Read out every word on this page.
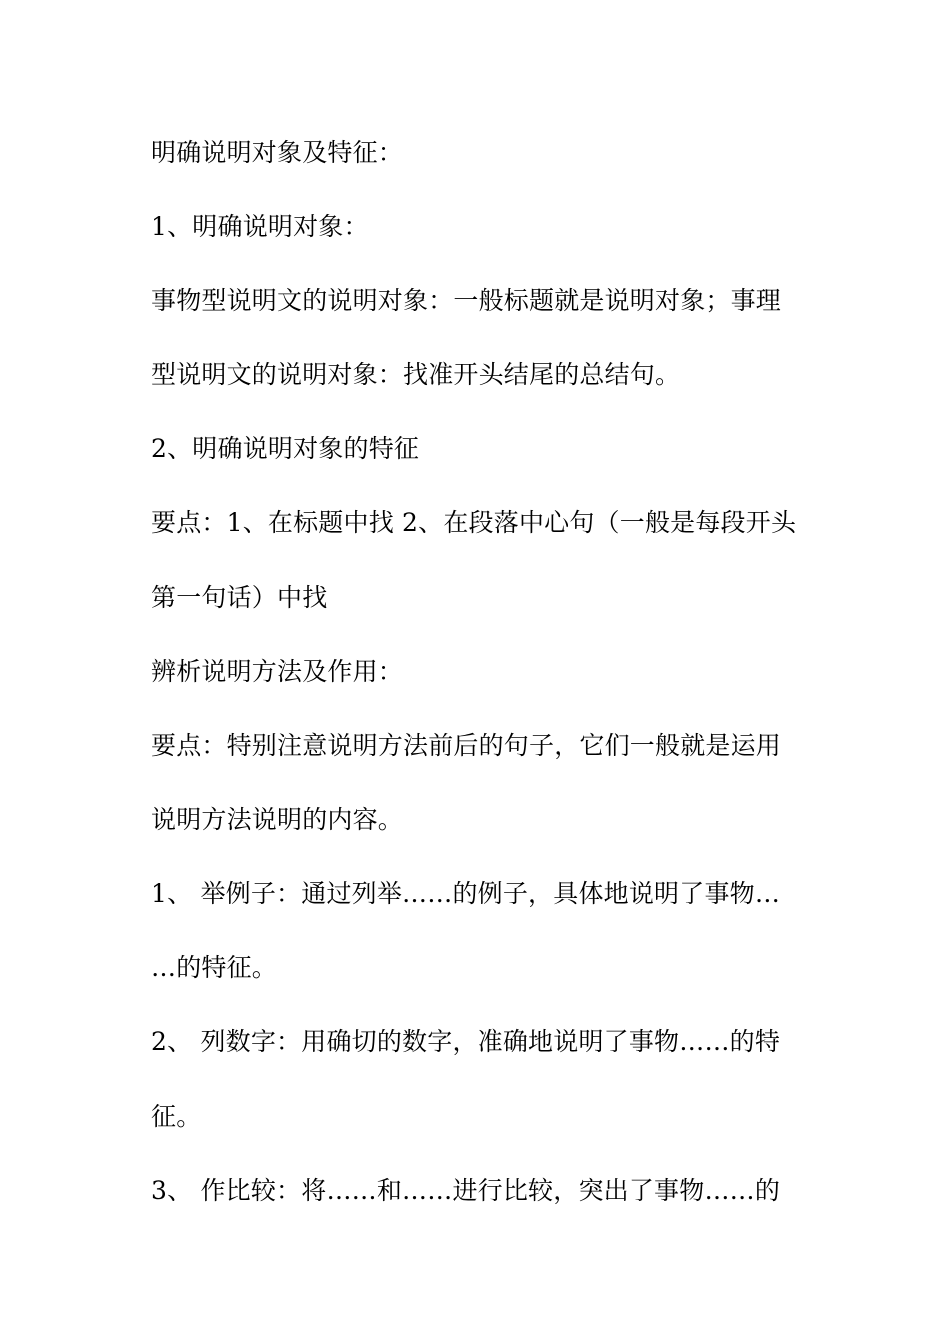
明确说明对象及特征：
1、明确说明对象：
事物型说明文的说明对象：一般标题就是说明对象；事理
型说明文的说明对象：找准开头结尾的总结句。
2、明确说明对象的特征
要点：1、在标题中找 2、在段落中心句（一般是每段开头
第一句话）中找
辨析说明方法及作用：
要点：特别注意说明方法前后的句子，它们一般就是运用
说明方法说明的内容。
1、 举例子：通过列举……的例子，具体地说明了事物…
…的特征。
2、 列数字：用确切的数字，准确地说明了事物……的特
征。
3、 作比较：将……和……进行比较，突出了事物……的
